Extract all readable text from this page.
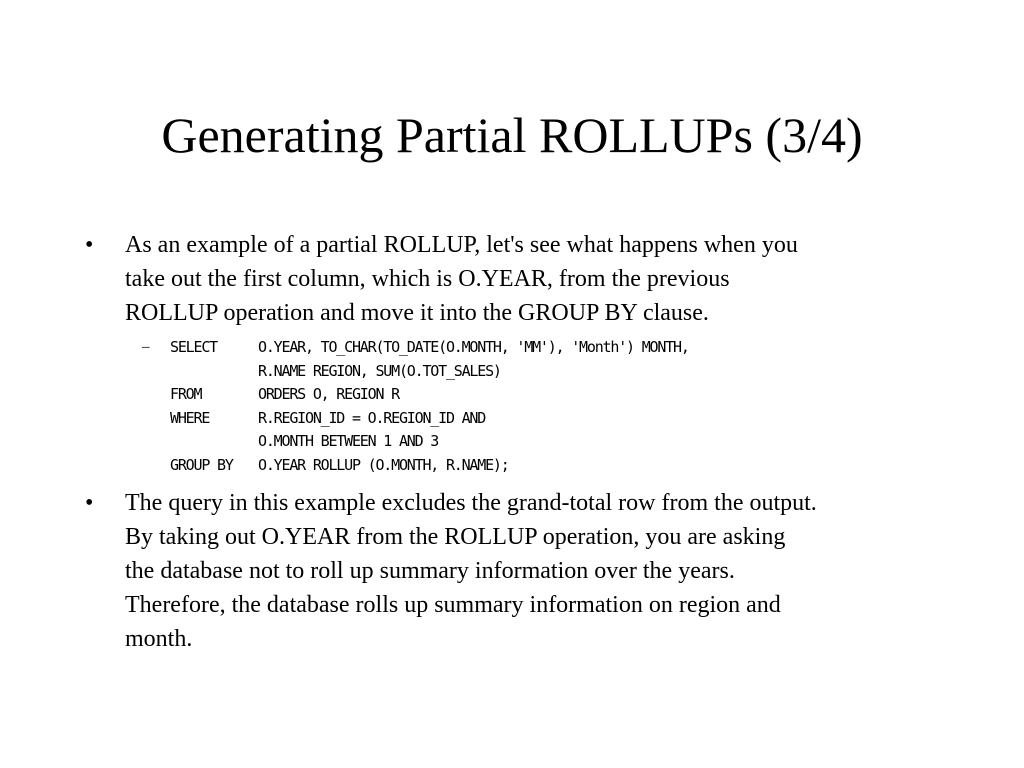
Generating Partial ROLLUPs (3/4)
•	As an example of a partial ROLLUP, let's see what happens when you
take out the first column, which is O.YEAR, from the previous
ROLLUP operation and move it into the GROUP BY clause.
– SELECT	O.YEAR, TO_CHAR(TO_DATE(O.MONTH, 'MM'), 'Month') MONTH,
R.NAME REGION, SUM(O.TOT_SALES)
FROM	ORDERS O, REGION R
WHERE	R.REGION_ID = O.REGION_ID AND
O.MONTH BETWEEN 1 AND 3
GROUP BY	O.YEAR ROLLUP (O.MONTH, R.NAME);
•	The query in this example excludes the grand-total row from the output.
By taking out O.YEAR from the ROLLUP operation, you are asking
the database not to roll up summary information over the years.
Therefore, the database rolls up summary information on region and
month.
